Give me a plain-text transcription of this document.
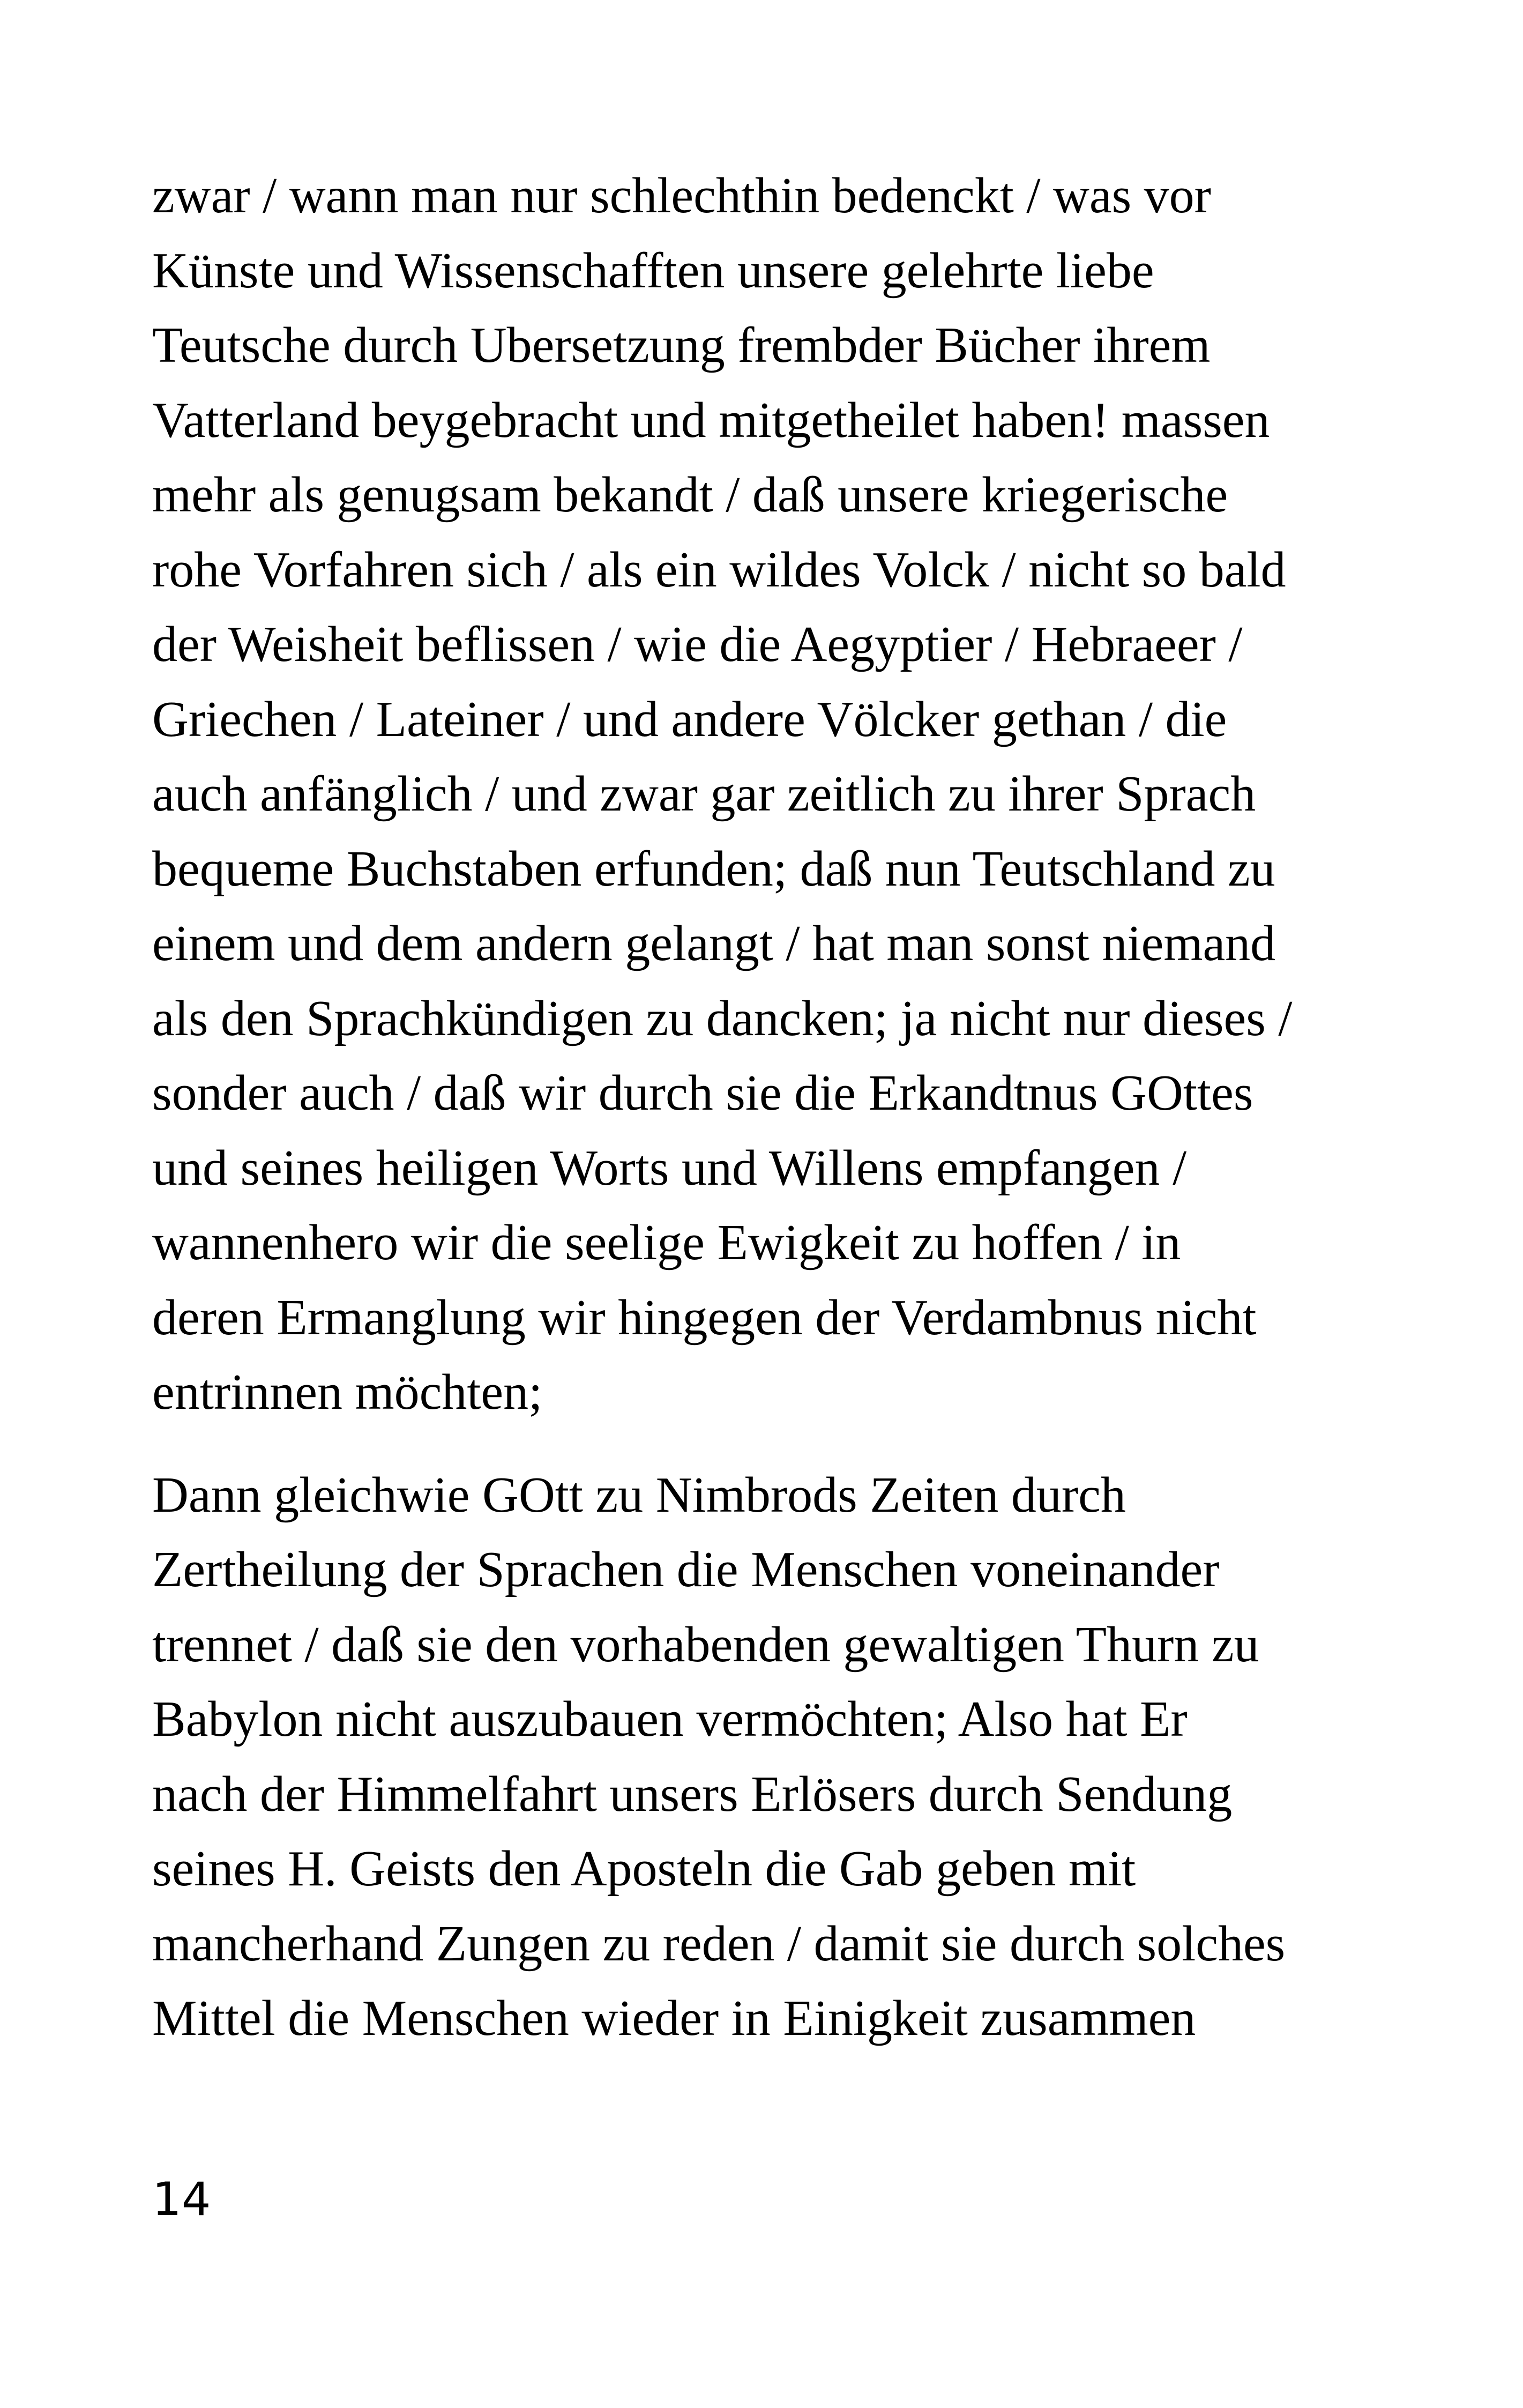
zwar / wann man nur schlechthin bedenckt / was vor
Künste und Wissenschafften unsere gelehrte liebe
Teutsche durch Ubersetzung frembder Bücher ihrem
Vatterland beygebracht und mitgetheilet haben! massen
mehr als genugsam bekandt / daß unsere kriegerische
rohe Vorfahren sich / als ein wildes Volck / nicht so bald
der Weisheit beflissen / wie die Aegyptier / Hebraeer /
Griechen / Lateiner / und andere Völcker gethan / die
auch anfänglich / und zwar gar zeitlich zu ihrer Sprach
bequeme Buchstaben erfunden; daß nun Teutschland zu
einem und dem andern gelangt / hat man sonst niemand
als den Sprachkündigen zu dancken; ja nicht nur dieses /
sonder auch / daß wir durch sie die Erkandtnus GOttes
und seines heiligen Worts und Willens empfangen /
wannenhero wir die seelige Ewigkeit zu hoffen / in
deren Ermanglung wir hingegen der Verdambnus nicht
entrinnen möchten;

Dann gleichwie GOtt zu Nimbrods Zeiten durch
Zertheilung der Sprachen die Menschen voneinander
trennet / daß sie den vorhabenden gewaltigen Thurn zu
Babylon nicht auszubauen vermöchten; Also hat Er
nach der Himmelfahrt unsers Erlösers durch Sendung
seines H. Geists den Aposteln die Gab geben mit
mancherhand Zungen zu reden / damit sie durch solches
Mittel die Menschen wieder in Einigkeit zusammen

14
